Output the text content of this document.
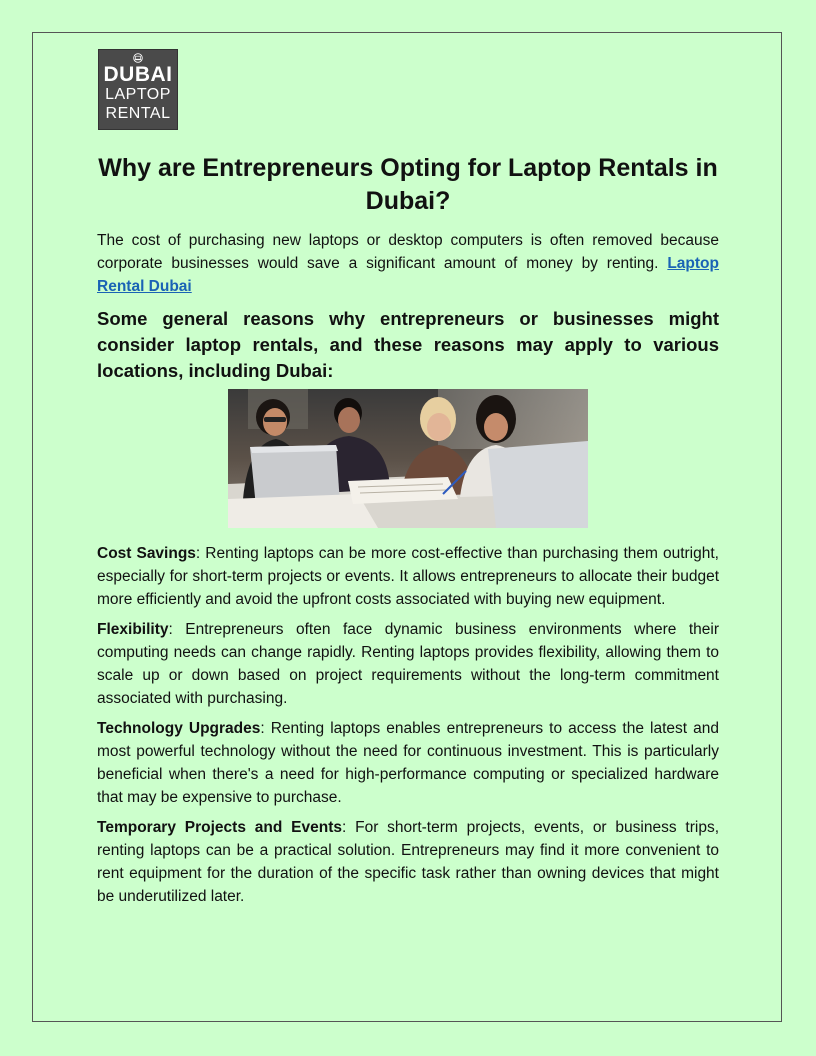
DUBAI
LAPTOP
RENTAL
Why are Entrepreneurs Opting for Laptop Rentals in Dubai?

The cost of purchasing new laptops or desktop computers is often removed because corporate businesses would save a significant amount of money by renting. Laptop Rental Dubai

Some general reasons why entrepreneurs or businesses might consider laptop rentals, and these reasons may apply to various locations, including Dubai:

Cost Savings: Renting laptops can be more cost-effective than purchasing them outright, especially for short-term projects or events. It allows entrepreneurs to allocate their budget more efficiently and avoid the upfront costs associated with buying new equipment.

Flexibility: Entrepreneurs often face dynamic business environments where their computing needs can change rapidly. Renting laptops provides flexibility, allowing them to scale up or down based on project requirements without the long-term commitment associated with purchasing.

Technology Upgrades: Renting laptops enables entrepreneurs to access the latest and most powerful technology without the need for continuous investment. This is particularly beneficial when there's a need for high-performance computing or specialized hardware that may be expensive to purchase.

Temporary Projects and Events: For short-term projects, events, or business trips, renting laptops can be a practical solution. Entrepreneurs may find it more convenient to rent equipment for the duration of the specific task rather than owning devices that might be underutilized later.
